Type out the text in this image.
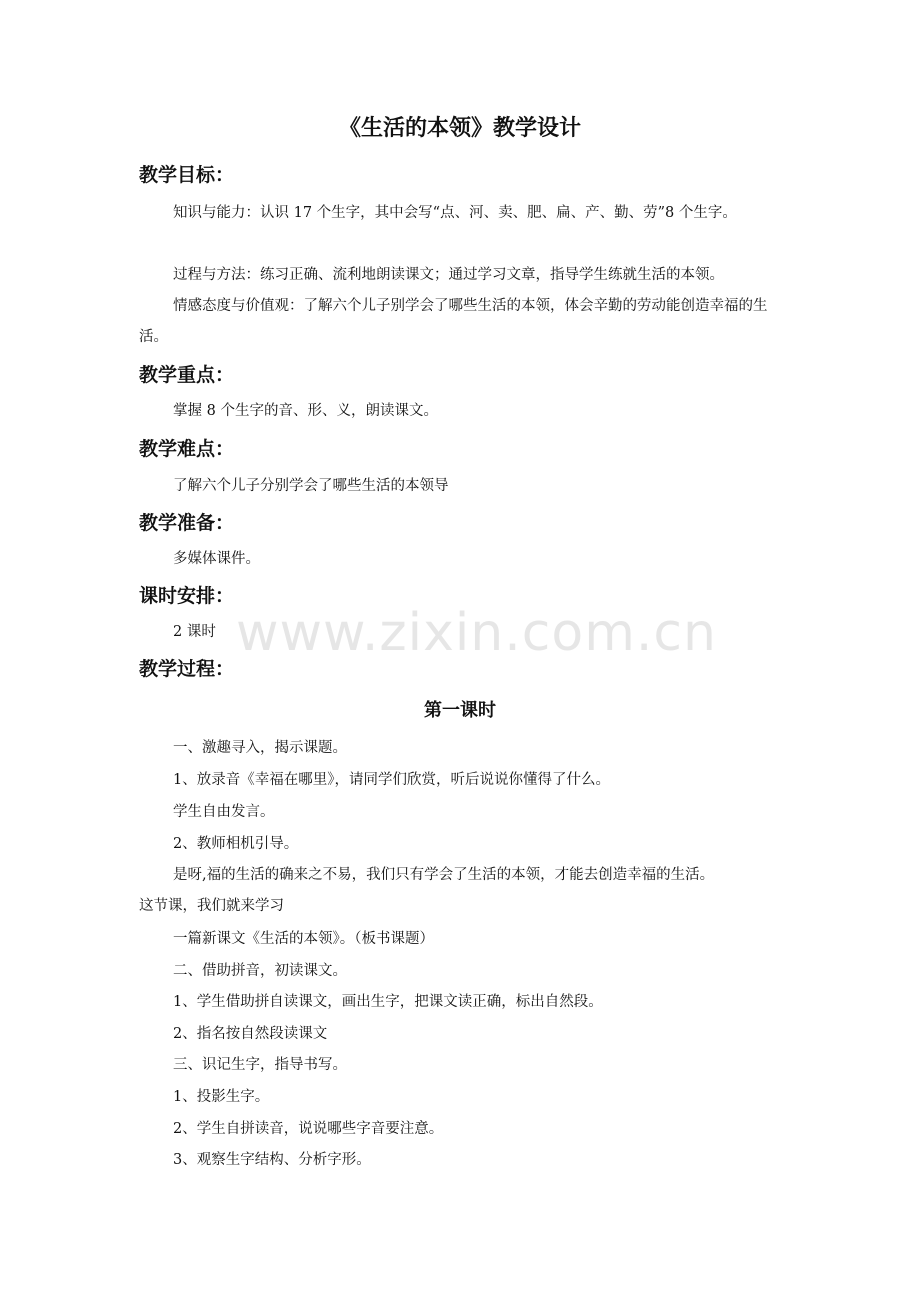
《生活的本领》教学设计
教学目标：
知识与能力：认识 17 个生字，其中会写“点、河、卖、肥、扁、产、勤、劳”8 个生字。
过程与方法：练习正确、流利地朗读课文；通过学习文章，指导学生练就生活的本领。
情感态度与价值观：了解六个儿子别学会了哪些生活的本领，体会辛勤的劳动能创造幸福的生活。
教学重点：
掌握 8 个生字的音、形、义，朗读课文。
教学难点：
了解六个儿子分别学会了哪些生活的本领导
教学准备：
多媒体课件。
课时安排：
2 课时 www.zixin.com.cn
教学过程：
第一课时
一、激趣寻入，揭示课题。
1、放录音《幸福在哪里》，请同学们欣赏，听后说说你懂得了什么。
学生自由发言。
2、教师相机引导。
是呀,福的生活的确来之不易，我们只有学会了生活的本领，才能去创造幸福的生活。
这节课，我们就来学习
一篇新课文《生活的本领》。（板书课题）
二、借助拼音，初读课文。
1、学生借助拼自读课文，画出生字，把课文读正确，标出自然段。
2、指名按自然段读课文
三、识记生字，指导书写。
1、投影生字。
2、学生自拼读音，说说哪些字音要注意。
3、观察生字结构、分析字形。
